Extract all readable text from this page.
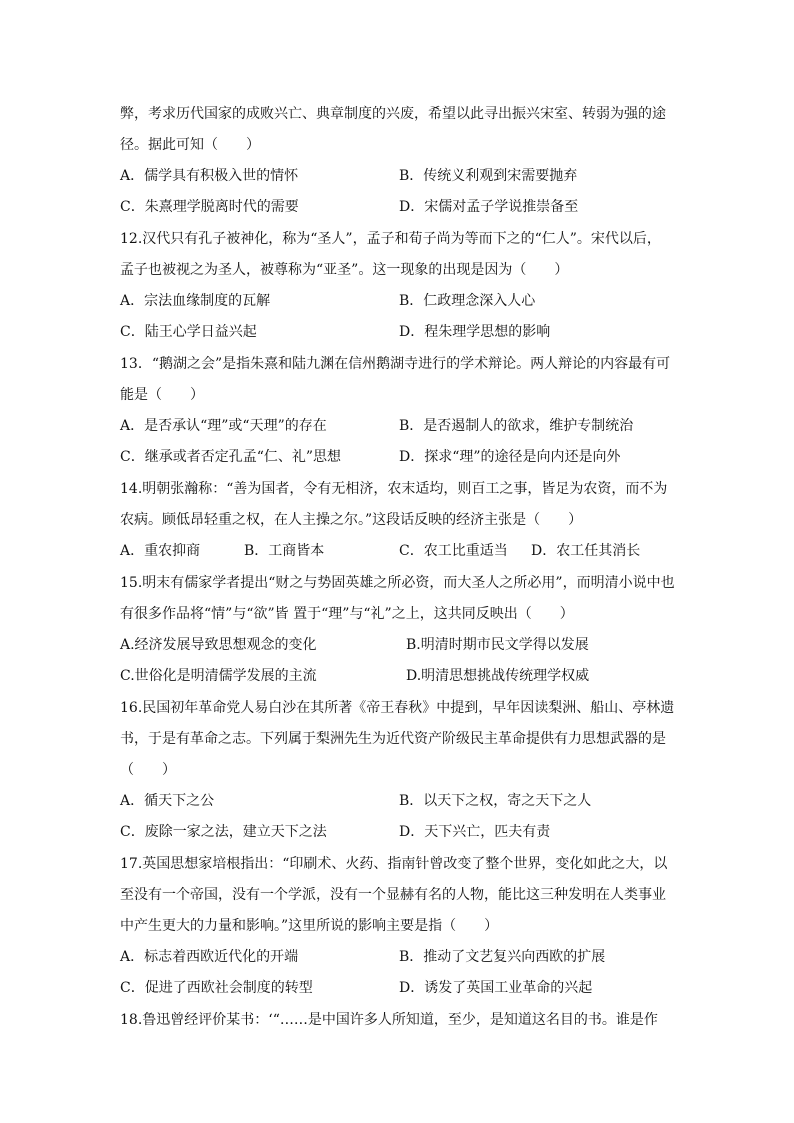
弊，考求历代国家的成败兴亡、典章制度的兴废，希望以此寻出振兴宋室、转弱为强的途
径。据此可知（　　）
A．儒学具有积极入世的情怀	B．传统义利观到宋需要抛弃
C．朱熹理学脱离时代的需要	D．宋儒对孟子学说推崇备至
12.汉代只有孔子被神化，称为“圣人”，孟子和荀子尚为等而下之的“仁人”。宋代以后，
孟子也被视之为圣人，被尊称为“亚圣”。这一现象的出现是因为（　　）
A．宗法血缘制度的瓦解	B．仁政理念深入人心
C．陆王心学日益兴起	D．程朱理学思想的影响
13．“鹅湖之会”是指朱熹和陆九渊在信州鹅湖寺进行的学术辩论。两人辩论的内容最有可
能是（　　）
A．是否承认“理”或“天理”的存在	B．是否遏制人的欲求，维护专制统治
C．继承或者否定孔孟“仁、礼”思想	D．探求“理”的途径是向内还是向外
14.明朝张瀚称：“善为国者，令有无相济，农末适均，则百工之事，皆足为农资，而不为
农病。顾低昂轻重之权，在人主操之尔。”这段话反映的经济主张是（　　）
A．重农抑商	B．工商皆本	C．农工比重适当 D．农工任其消长
15.明末有儒家学者提出“财之与势固英雄之所必资，而大圣人之所必用”，而明清小说中也
有很多作品将“情”与“欲”皆 置于“理”与“礼”之上，这共同反映出（　　）
A.经济发展导致思想观念的变化	B.明清时期市民文学得以发展
C.世俗化是明清儒学发展的主流	D.明清思想挑战传统理学权威
16.民国初年革命党人易白沙在其所著《帝王春秋》中提到，早年因读梨洲、船山、亭林遗
书，于是有革命之志。下列属于梨洲先生为近代资产阶级民主革命提供有力思想武器的是
（　　）
A．循天下之公	B．以天下之权，寄之天下之人
C．废除一家之法，建立天下之法	D．天下兴亡，匹夫有责
17.英国思想家培根指出：“印刷术、火药、指南针曾改变了整个世界，变化如此之大，以
至没有一个帝国，没有一个学派，没有一个显赫有名的人物，能比这三种发明在人类事业
中产生更大的力量和影响。”这里所说的影响主要是指（　　）
A．标志着西欧近代化的开端	B．推动了文艺复兴向西欧的扩展
C．促进了西欧社会制度的转型	D．诱发了英国工业革命的兴起
18.鲁迅曾经评价某书：‘“……是中国许多人所知道，至少，是知道这名目的书。谁是作
